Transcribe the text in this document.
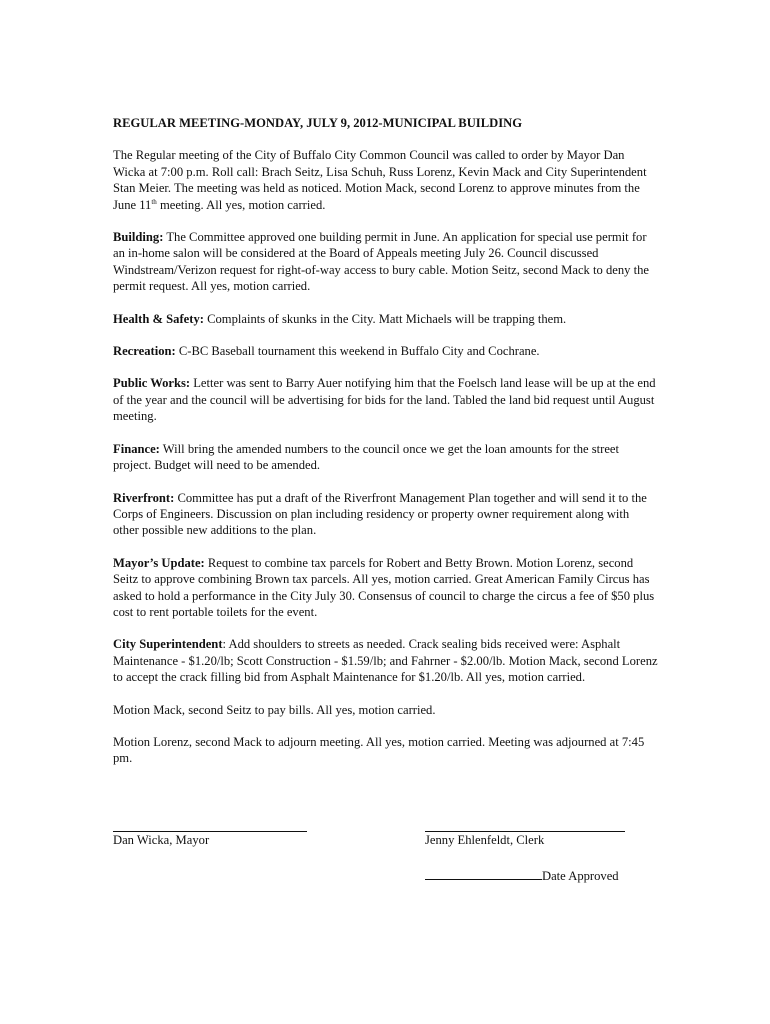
REGULAR MEETING-MONDAY, JULY 9, 2012-MUNICIPAL BUILDING

The Regular meeting of the City of Buffalo City Common Council was called to order by Mayor Dan Wicka at 7:00 p.m. Roll call: Brach Seitz, Lisa Schuh, Russ Lorenz, Kevin Mack and City Superintendent Stan Meier. The meeting was held as noticed. Motion Mack, second Lorenz to approve minutes from the June 11th meeting. All yes, motion carried.

Building: The Committee approved one building permit in June. An application for special use permit for an in-home salon will be considered at the Board of Appeals meeting July 26. Council discussed Windstream/Verizon request for right-of-way access to bury cable. Motion Seitz, second Mack to deny the permit request. All yes, motion carried.

Health & Safety: Complaints of skunks in the City. Matt Michaels will be trapping them.

Recreation: C-BC Baseball tournament this weekend in Buffalo City and Cochrane.

Public Works: Letter was sent to Barry Auer notifying him that the Foelsch land lease will be up at the end of the year and the council will be advertising for bids for the land. Tabled the land bid request until August meeting.

Finance: Will bring the amended numbers to the council once we get the loan amounts for the street project. Budget will need to be amended.

Riverfront: Committee has put a draft of the Riverfront Management Plan together and will send it to the Corps of Engineers. Discussion on plan including residency or property owner requirement along with other possible new additions to the plan.

Mayor’s Update: Request to combine tax parcels for Robert and Betty Brown. Motion Lorenz, second Seitz to approve combining Brown tax parcels. All yes, motion carried. Great American Family Circus has asked to hold a performance in the City July 30. Consensus of council to charge the circus a fee of $50 plus cost to rent portable toilets for the event.

City Superintendent: Add shoulders to streets as needed. Crack sealing bids received were: Asphalt Maintenance - $1.20/lb; Scott Construction - $1.59/lb; and Fahrner - $2.00/lb. Motion Mack, second Lorenz to accept the crack filling bid from Asphalt Maintenance for $1.20/lb. All yes, motion carried.

Motion Mack, second Seitz to pay bills. All yes, motion carried.

Motion Lorenz, second Mack to adjourn meeting. All yes, motion carried. Meeting was adjourned at 7:45 pm.

Dan Wicka, Mayor	Jenny Ehlenfeldt, Clerk
Date Approved
